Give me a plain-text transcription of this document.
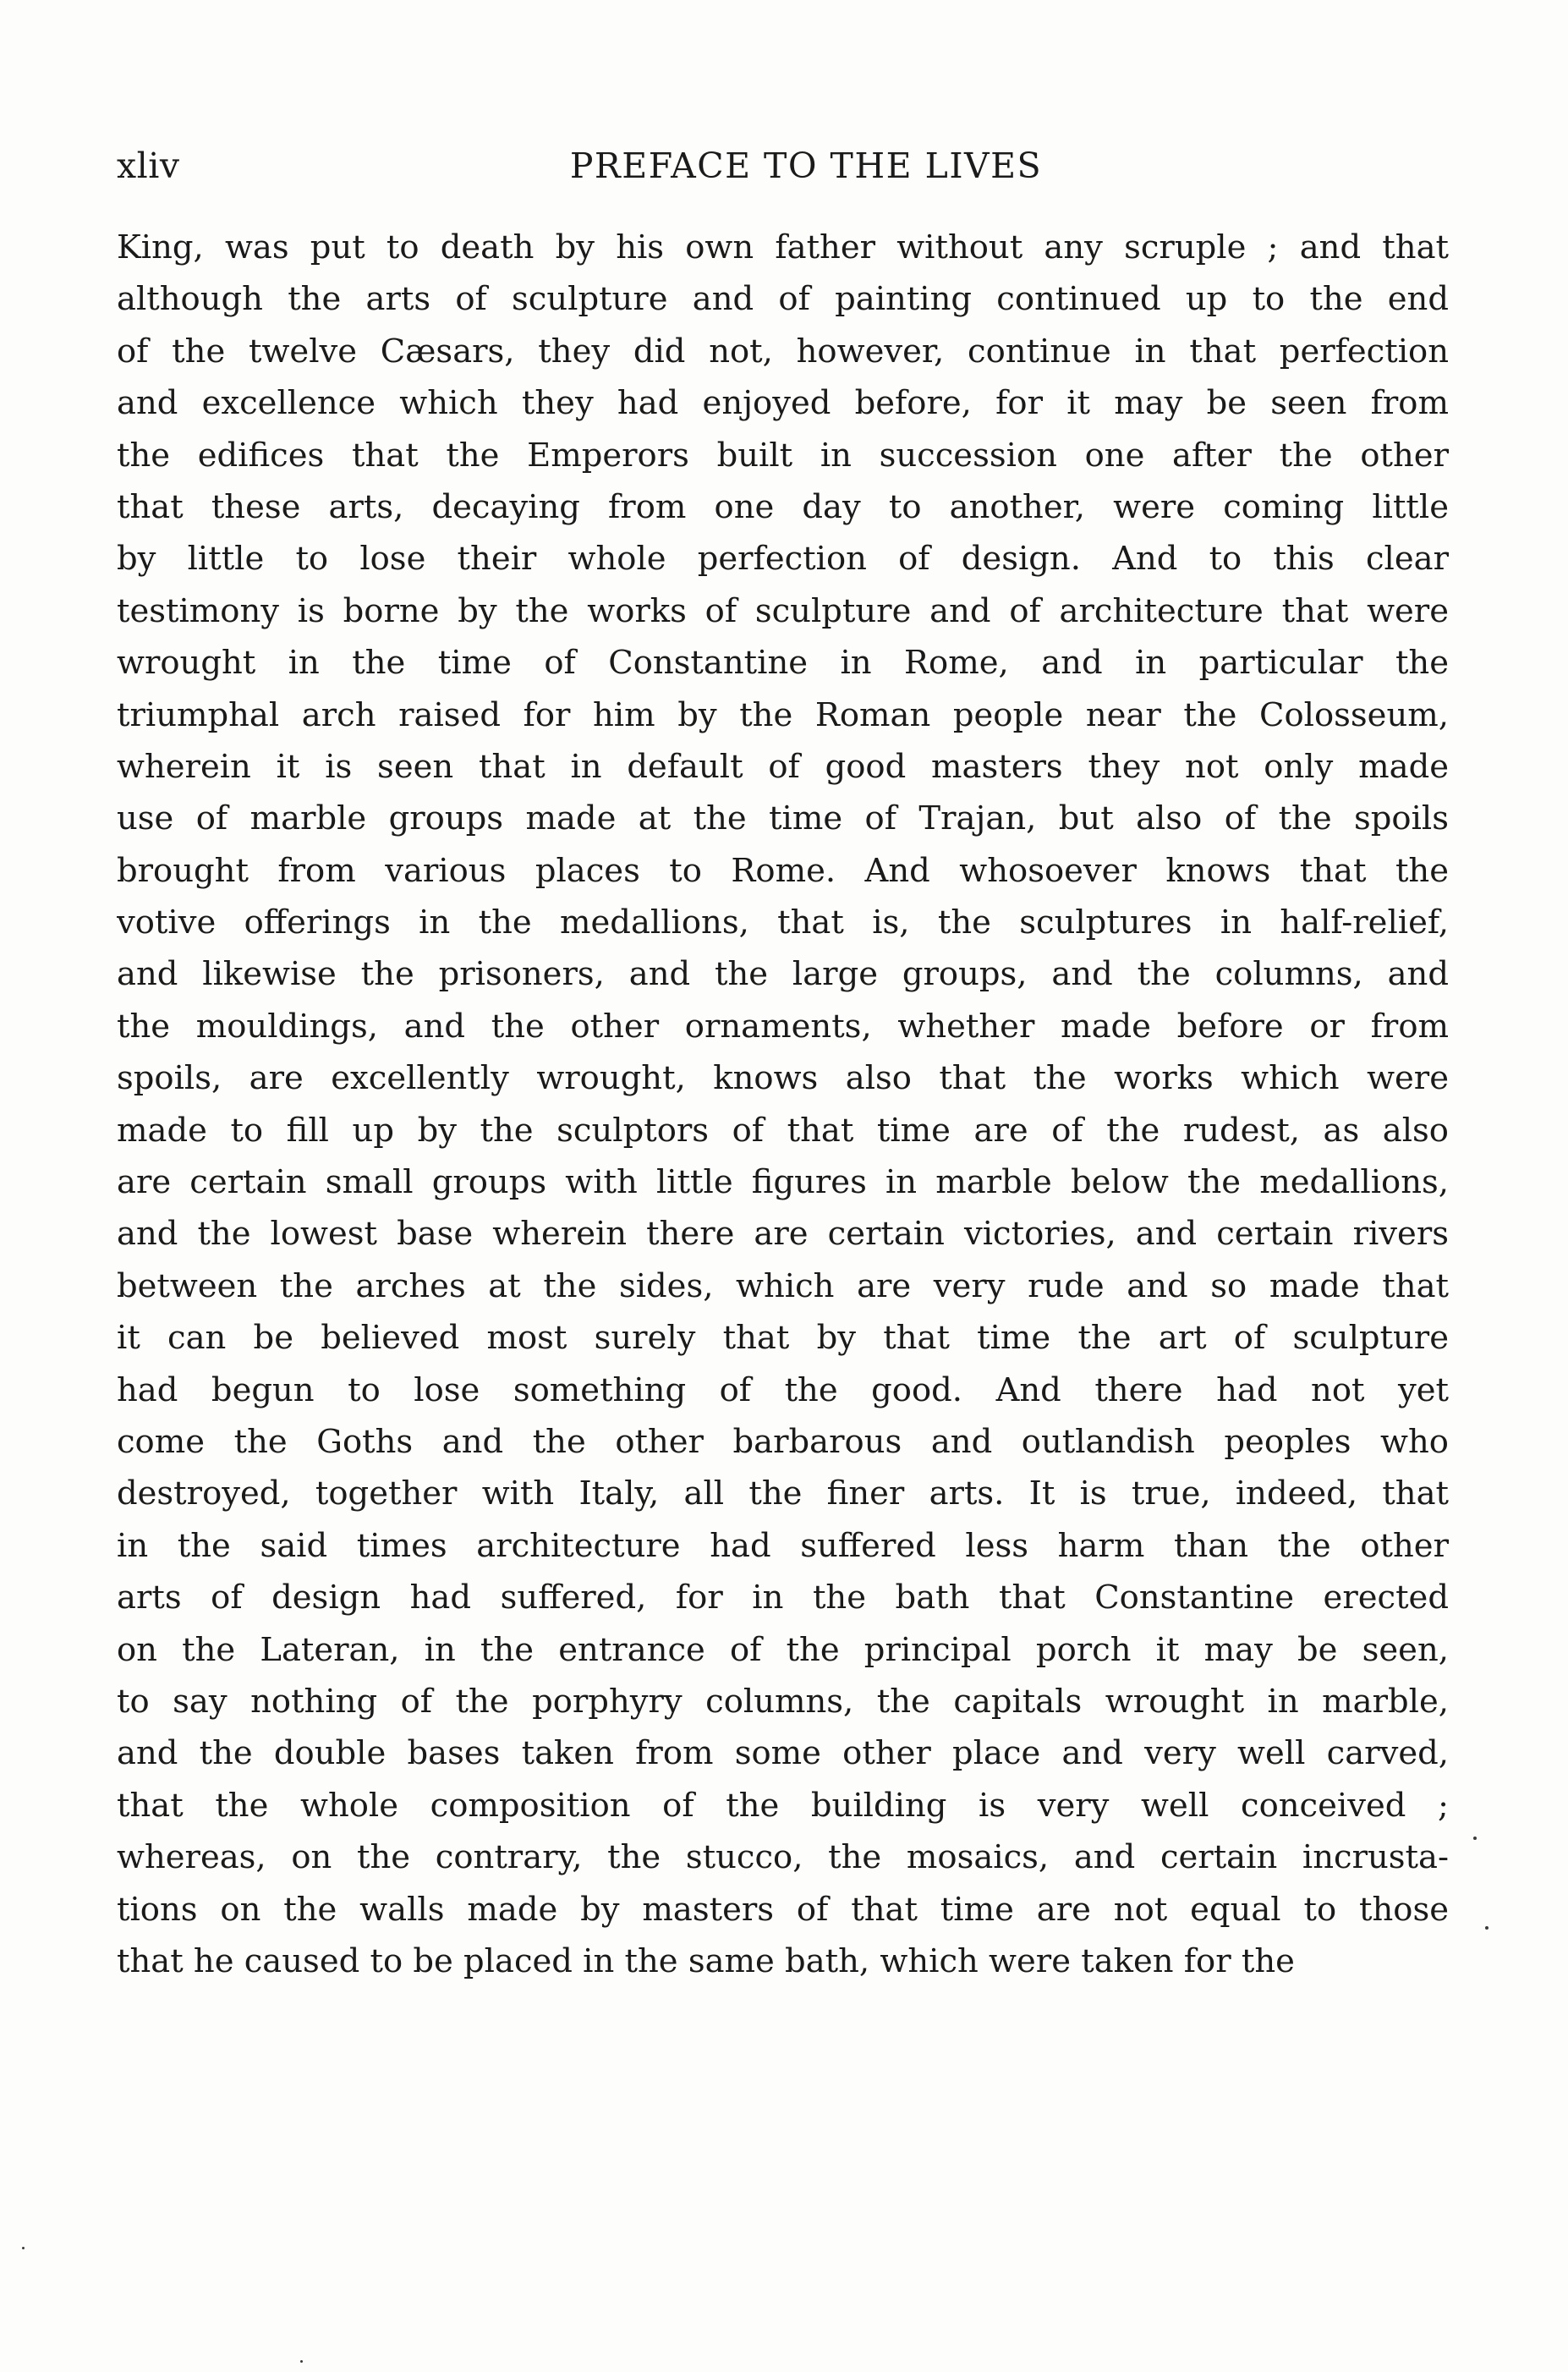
xliv	PREFACE TO THE LIVES
King, was put to death by his own father without any scruple ; and that
although the arts of sculpture and of painting continued up to the end
of the twelve Cæsars, they did not, however, continue in that perfection
and excellence which they had enjoyed before, for it may be seen from
the edifices that the Emperors built in succession one after the other
that these arts, decaying from one day to another, were coming little
by little to lose their whole perfection of design. And to this clear
testimony is borne by the works of sculpture and of architecture that were
wrought in the time of Constantine in Rome, and in particular the
triumphal arch raised for him by the Roman people near the Colosseum,
wherein it is seen that in default of good masters they not only made
use of marble groups made at the time of Trajan, but also of the spoils
brought from various places to Rome. And whosoever knows that the
votive offerings in the medallions, that is, the sculptures in half-relief,
and likewise the prisoners, and the large groups, and the columns, and
the mouldings, and the other ornaments, whether made before or from
spoils, are excellently wrought, knows also that the works which were
made to fill up by the sculptors of that time are of the rudest, as also
are certain small groups with little figures in marble below the medallions,
and the lowest base wherein there are certain victories, and certain rivers
between the arches at the sides, which are very rude and so made that
it can be believed most surely that by that time the art of sculpture
had begun to lose something of the good. And there had not yet
come the Goths and the other barbarous and outlandish peoples who
destroyed, together with Italy, all the finer arts. It is true, indeed, that
in the said times architecture had suffered less harm than the other
arts of design had suffered, for in the bath that Constantine erected
on the Lateran, in the entrance of the principal porch it may be seen,
to say nothing of the porphyry columns, the capitals wrought in marble,
and the double bases taken from some other place and very well carved,
that the whole composition of the building is very well conceived ;
whereas, on the contrary, the stucco, the mosaics, and certain incrusta-
tions on the walls made by masters of that time are not equal to those
that he caused to be placed in the same bath, which were taken for the
